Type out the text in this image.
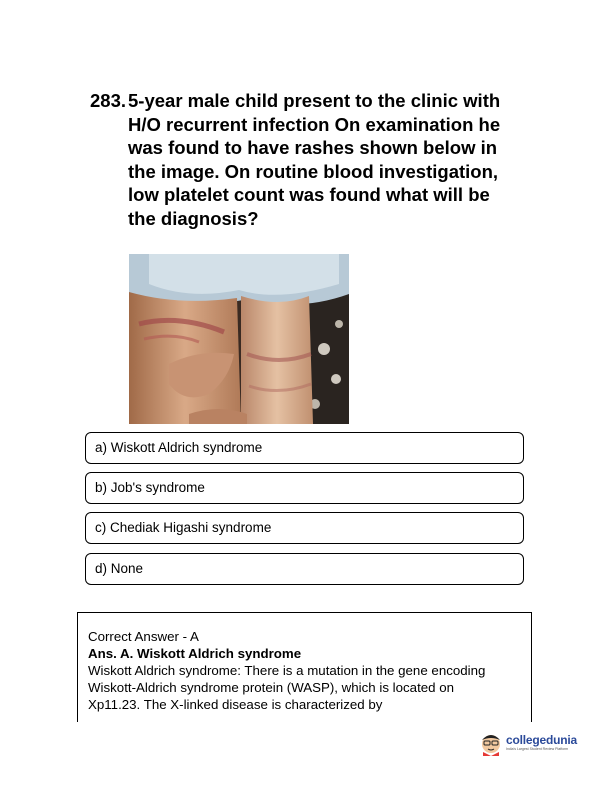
283. 5-year male child present to the clinic with H/O recurrent infection On examination he was found to have rashes shown below in the image. On routine blood investigation, low platelet count was found what will be the diagnosis?
a) Wiskott Aldrich syndrome
b) Job's syndrome
c) Chediak Higashi syndrome
d) None
Correct Answer - A
Ans. A. Wiskott Aldrich syndrome
Wiskott Aldrich syndrome: There is a mutation in the gene encoding
Wiskott-Aldrich syndrome protein (WASP), which is located on
Xp11.23. The X-linked disease is characterized by
collegedunia
India's Largest Student Review Platform
